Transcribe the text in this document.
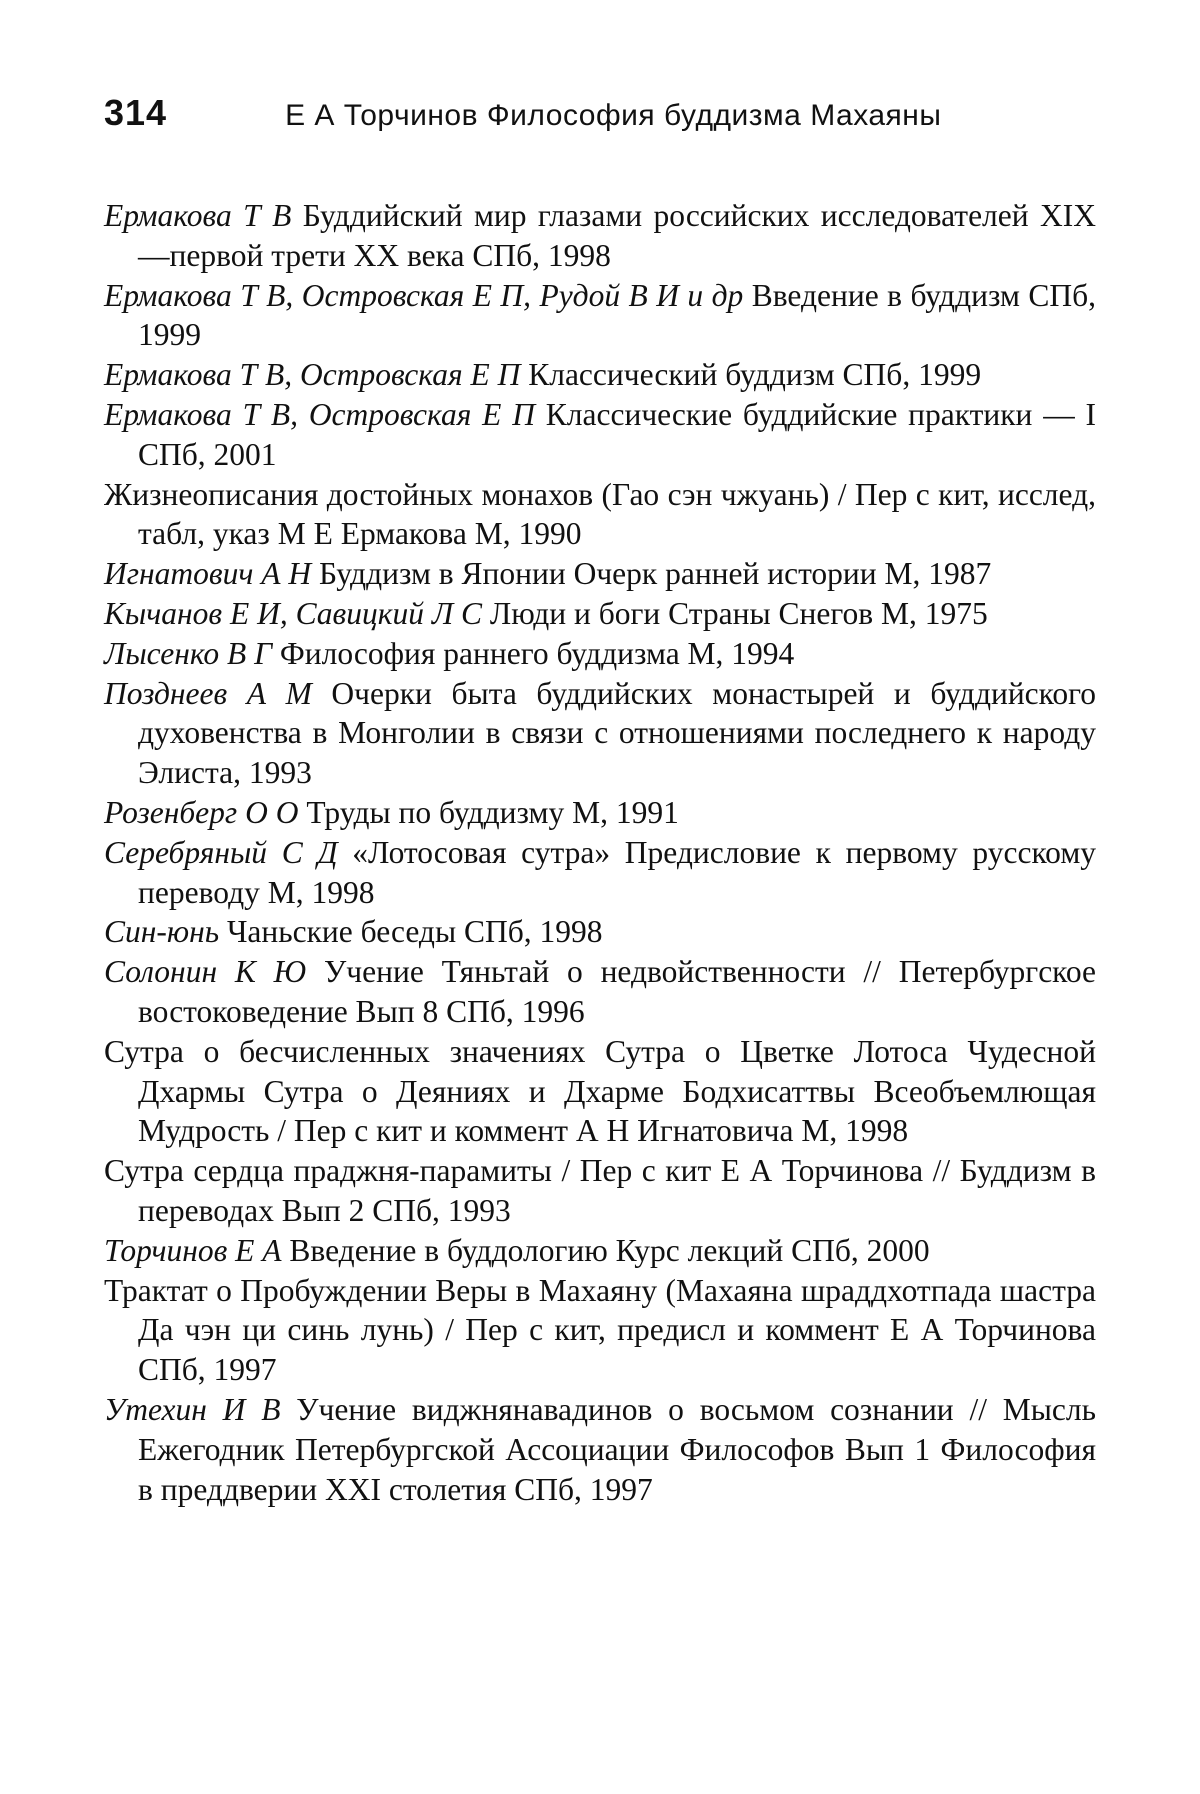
314	Е А Торчинов Философия буддизма Махаяны
Ермакова Т В Буддийский мир глазами российских исследователей XIX—первой трети XX века СПб, 1998
Ермакова Т В, Островская Е П, Рудой В И и др Введение в буддизм СПб, 1999
Ермакова Т В, Островская Е П Классический буддизм СПб, 1999
Ермакова Т В, Островская Е П Классические буддийские практики — I СПб, 2001
Жизнеописания достойных монахов (Гао сэн чжуань) / Пер с кит, исслед, табл, указ М Е Ермакова М, 1990
Игнатович А Н Буддизм в Японии Очерк ранней истории М, 1987
Кычанов Е И, Савицкий Л С Люди и боги Страны Снегов М, 1975
Лысенко В Г Философия раннего буддизма М, 1994
Позднеев А М Очерки быта буддийских монастырей и буддийского духовенства в Монголии в связи с отношениями последнего к народу Элиста, 1993
Розенберг О О Труды по буддизму М, 1991
Серебряный С Д «Лотосовая сутра» Предисловие к первому русскому переводу М, 1998
Син-юнь Чаньские беседы СПб, 1998
Солонин К Ю Учение Тяньтай о недвойственности // Петербургское востоковедение Вып 8 СПб, 1996
Сутра о бесчисленных значениях Сутра о Цветке Лотоса Чудесной Дхармы Сутра о Деяниях и Дхарме Бодхисаттвы Всеобъемлющая Мудрость / Пер с кит и коммент А Н Игнатовича М, 1998
Сутра сердца праджня-парамиты / Пер с кит Е А Торчинова // Буддизм в переводах Вып 2 СПб, 1993
Торчинов Е А Введение в буддологию Курс лекций СПб, 2000
Трактат о Пробуждении Веры в Махаяну (Махаяна шраддхотпада шастра Да чэн ци синь лунь) / Пер с кит, предисл и коммент Е А Торчинова СПб, 1997
Утехин И В Учение виджнянавадинов о восьмом сознании // Мысль Ежегодник Петербургской Ассоциации Философов Вып 1 Философия в преддверии XXI столетия СПб, 1997
